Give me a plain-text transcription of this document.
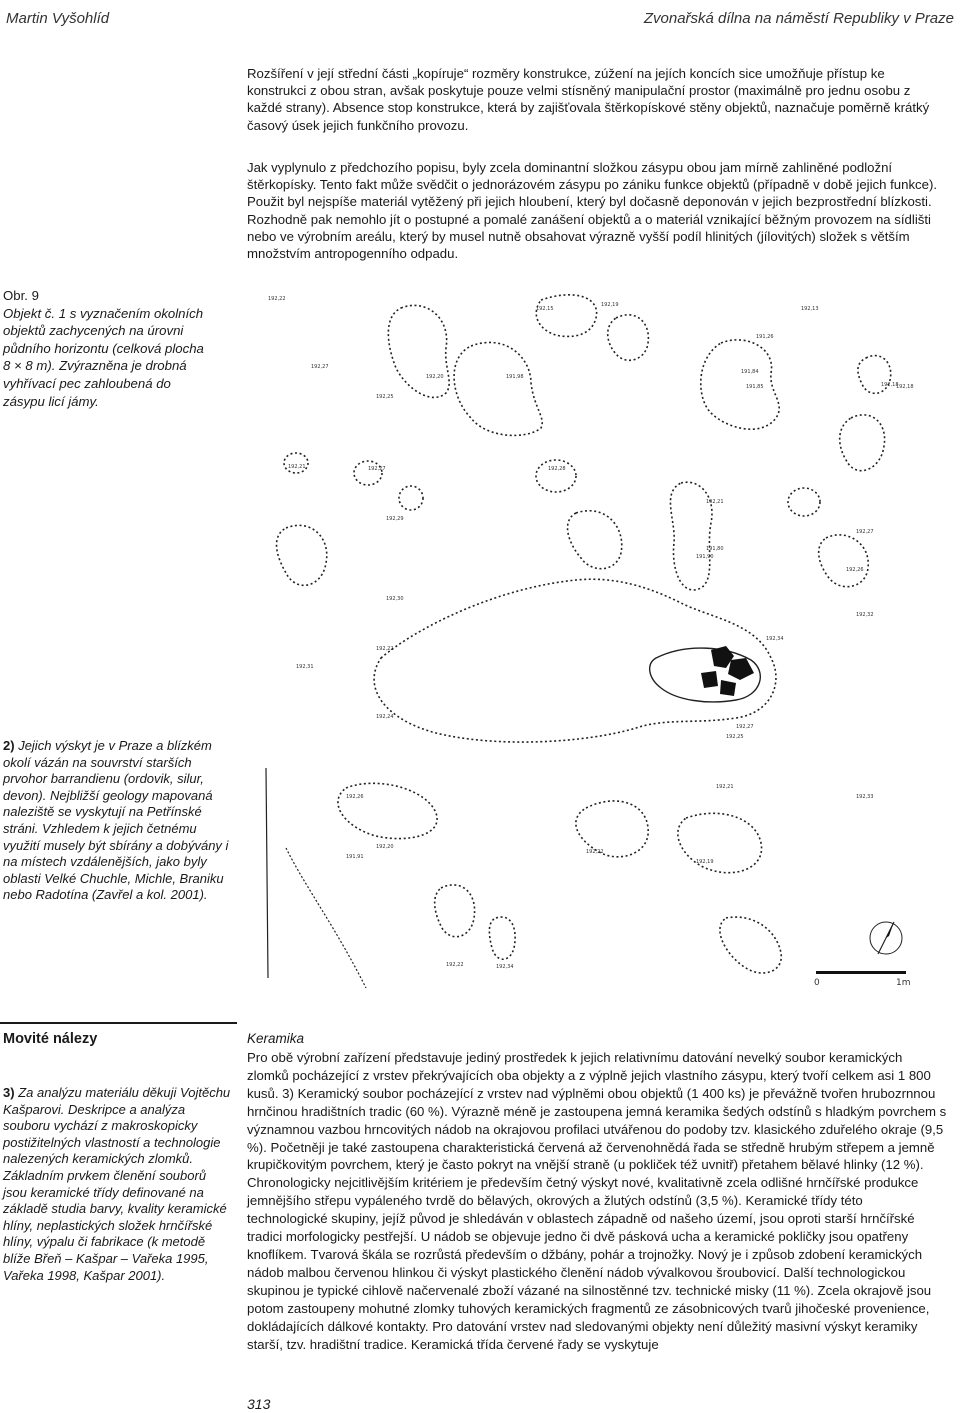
Martin Vyšohlíd	Zvonařská dílna na náměstí Republiky v Praze

Rozšíření v její střední části „kopíruje“ rozměry konstrukce, zúžení na jejích koncích sice umožňuje přístup ke konstrukci z obou stran, avšak poskytuje pouze velmi stísněný manipulační prostor (maximálně pro jednu osobu z každé strany). Absence stop konstrukce, která by zajišťovala štěrkopískové stěny objektů, naznačuje poměrně krátký časový úsek jejich funkčního provozu.

Jak vyplynulo z předchozího popisu, byly zcela dominantní složkou zásypu obou jam mírně zahliněné podložní štěrkopísky. Tento fakt může svědčit o jednorázovém zásypu po zániku funkce objektů (případně v době jejich funkce). Použit byl nejspíše materiál vytěžený při jejich hloubení, který byl dočasně deponován v jejich bezprostřední blízkosti. Rozhodně pak nemohlo jít o postupné a pomalé zanášení objektů a o materiál vznikající běžným provozem na sídlišti nebo ve výrobním areálu, který by musel nutně obsahovat výrazně vyšší podíl hlinitých (jílovitých) složek s větším množstvím antropogenního odpadu.

Obr. 9
Objekt č. 1 s vyznačením okolních objektů zachycených na úrovni půdního horizontu (celková plocha 8 × 8 m). Zvýrazněna je drobná vyhřívací pec zahloubená do zásypu licí jámy.
0	1m
192,22
192,15
192,19
192,13
192,18
191,26
192,27
192,20	191,98
192,25
191,84
191,85	192,18
192,21	192,27	192,28
192,21
192,29
191,90
192,27
191,80
192,26
192,30
192,32
192,22
192,34
192,31
192,24
192,27
192,25
192,26
192,20
192,22
192,19
191,91
192,22	192,34
192,33
192,21
2) Jejich výskyt je v Praze a blízkém okolí vázán na souvrství starších prvohor barrandienu (ordovik, silur, devon). Nejbližší geology mapovaná naleziště se vyskytují na Petřínské stráni. Vzhledem k jejich četnému využití musely být sbírány a dobývány i na místech vzdálenějších, jako byly oblasti Velké Chuchle, Michle, Braniku nebo Radotína (Zavřel a kol. 2001).
Movité nálezy
3) Za analýzu materiálu děkuji Vojtěchu Kašparovi. Deskripce a analýza souboru vychází z makroskopicky postižitelných vlastností a technologie nalezených keramických zlomků. Základním prvkem členění souborů jsou keramické třídy definované na základě studia barvy, kvality keramické hlíny, neplastických složek hrnčířské hlíny, výpalu či fabrikace (k metodě blíže Břeň – Kašpar – Vařeka 1995, Vařeka 1998, Kašpar 2001).
Keramika

Pro obě výrobní zařízení představuje jediný prostředek k jejich relativnímu datování nevelký soubor keramických zlomků pocházející z vrstev překrývajících oba objekty a z výplně jejich vlastního zásypu, který tvoří celkem asi 1 800 kusů. 3) Keramický soubor pocházející z vrstev nad výplněmi obou objektů (1 400 ks) je převážně tvořen hrubozrnnou hrnčinou hradištních tradic (60 %). Výrazně méně je zastoupena jemná keramika šedých odstínů s hladkým povrchem s významnou vazbou hrncovitých nádob na okrajovou profilaci utvářenou do podoby tzv. klasického zduřelého okraje (9,5 %). Početněji je také zastoupena charakteristická červená až červenohnědá řada se středně hrubým střepem a jemně krupičkovitým povrchem, který je často pokryt na vnější straně (u pokliček též uvnitř) přetahem bělavé hlinky (12 %). Chronologicky nejcitlivějším kritériem je především četný výskyt nové, kvalitativně zcela odlišné hrnčířské produkce jemnějšího střepu vypáleného tvrdě do bělavých, okrových a žlutých odstínů (3,5 %). Keramické třídy této technologické skupiny, jejíž původ je shledáván v oblastech západně od našeho území, jsou oproti starší hrnčířské tradici morfologicky pestřejší. U nádob se objevuje jedno či dvě pásková ucha a keramické pokličky jsou opatřeny knoflíkem. Tvarová škála se rozrůstá především o džbány, pohár a trojnožky. Nový je i způsob zdobení keramických nádob malbou červenou hlinkou či výskyt plastického členění nádob vývalkovou šroubovicí. Další technologickou skupinou je typické cihlově načervenalé zboží vázané na silnostěnné tzv. technické misky (11 %). Zcela okrajově jsou potom zastoupeny mohutné zlomky tuhových keramických fragmentů ze zásobnicových tvarů jihočeské provenience, dokládajících dálkové kontakty. Pro datování vrstev nad sledovanými objekty není důležitý masivní výskyt keramiky starší, tzv. hradištní tradice. Keramická třída červené řady se vyskytuje

313
